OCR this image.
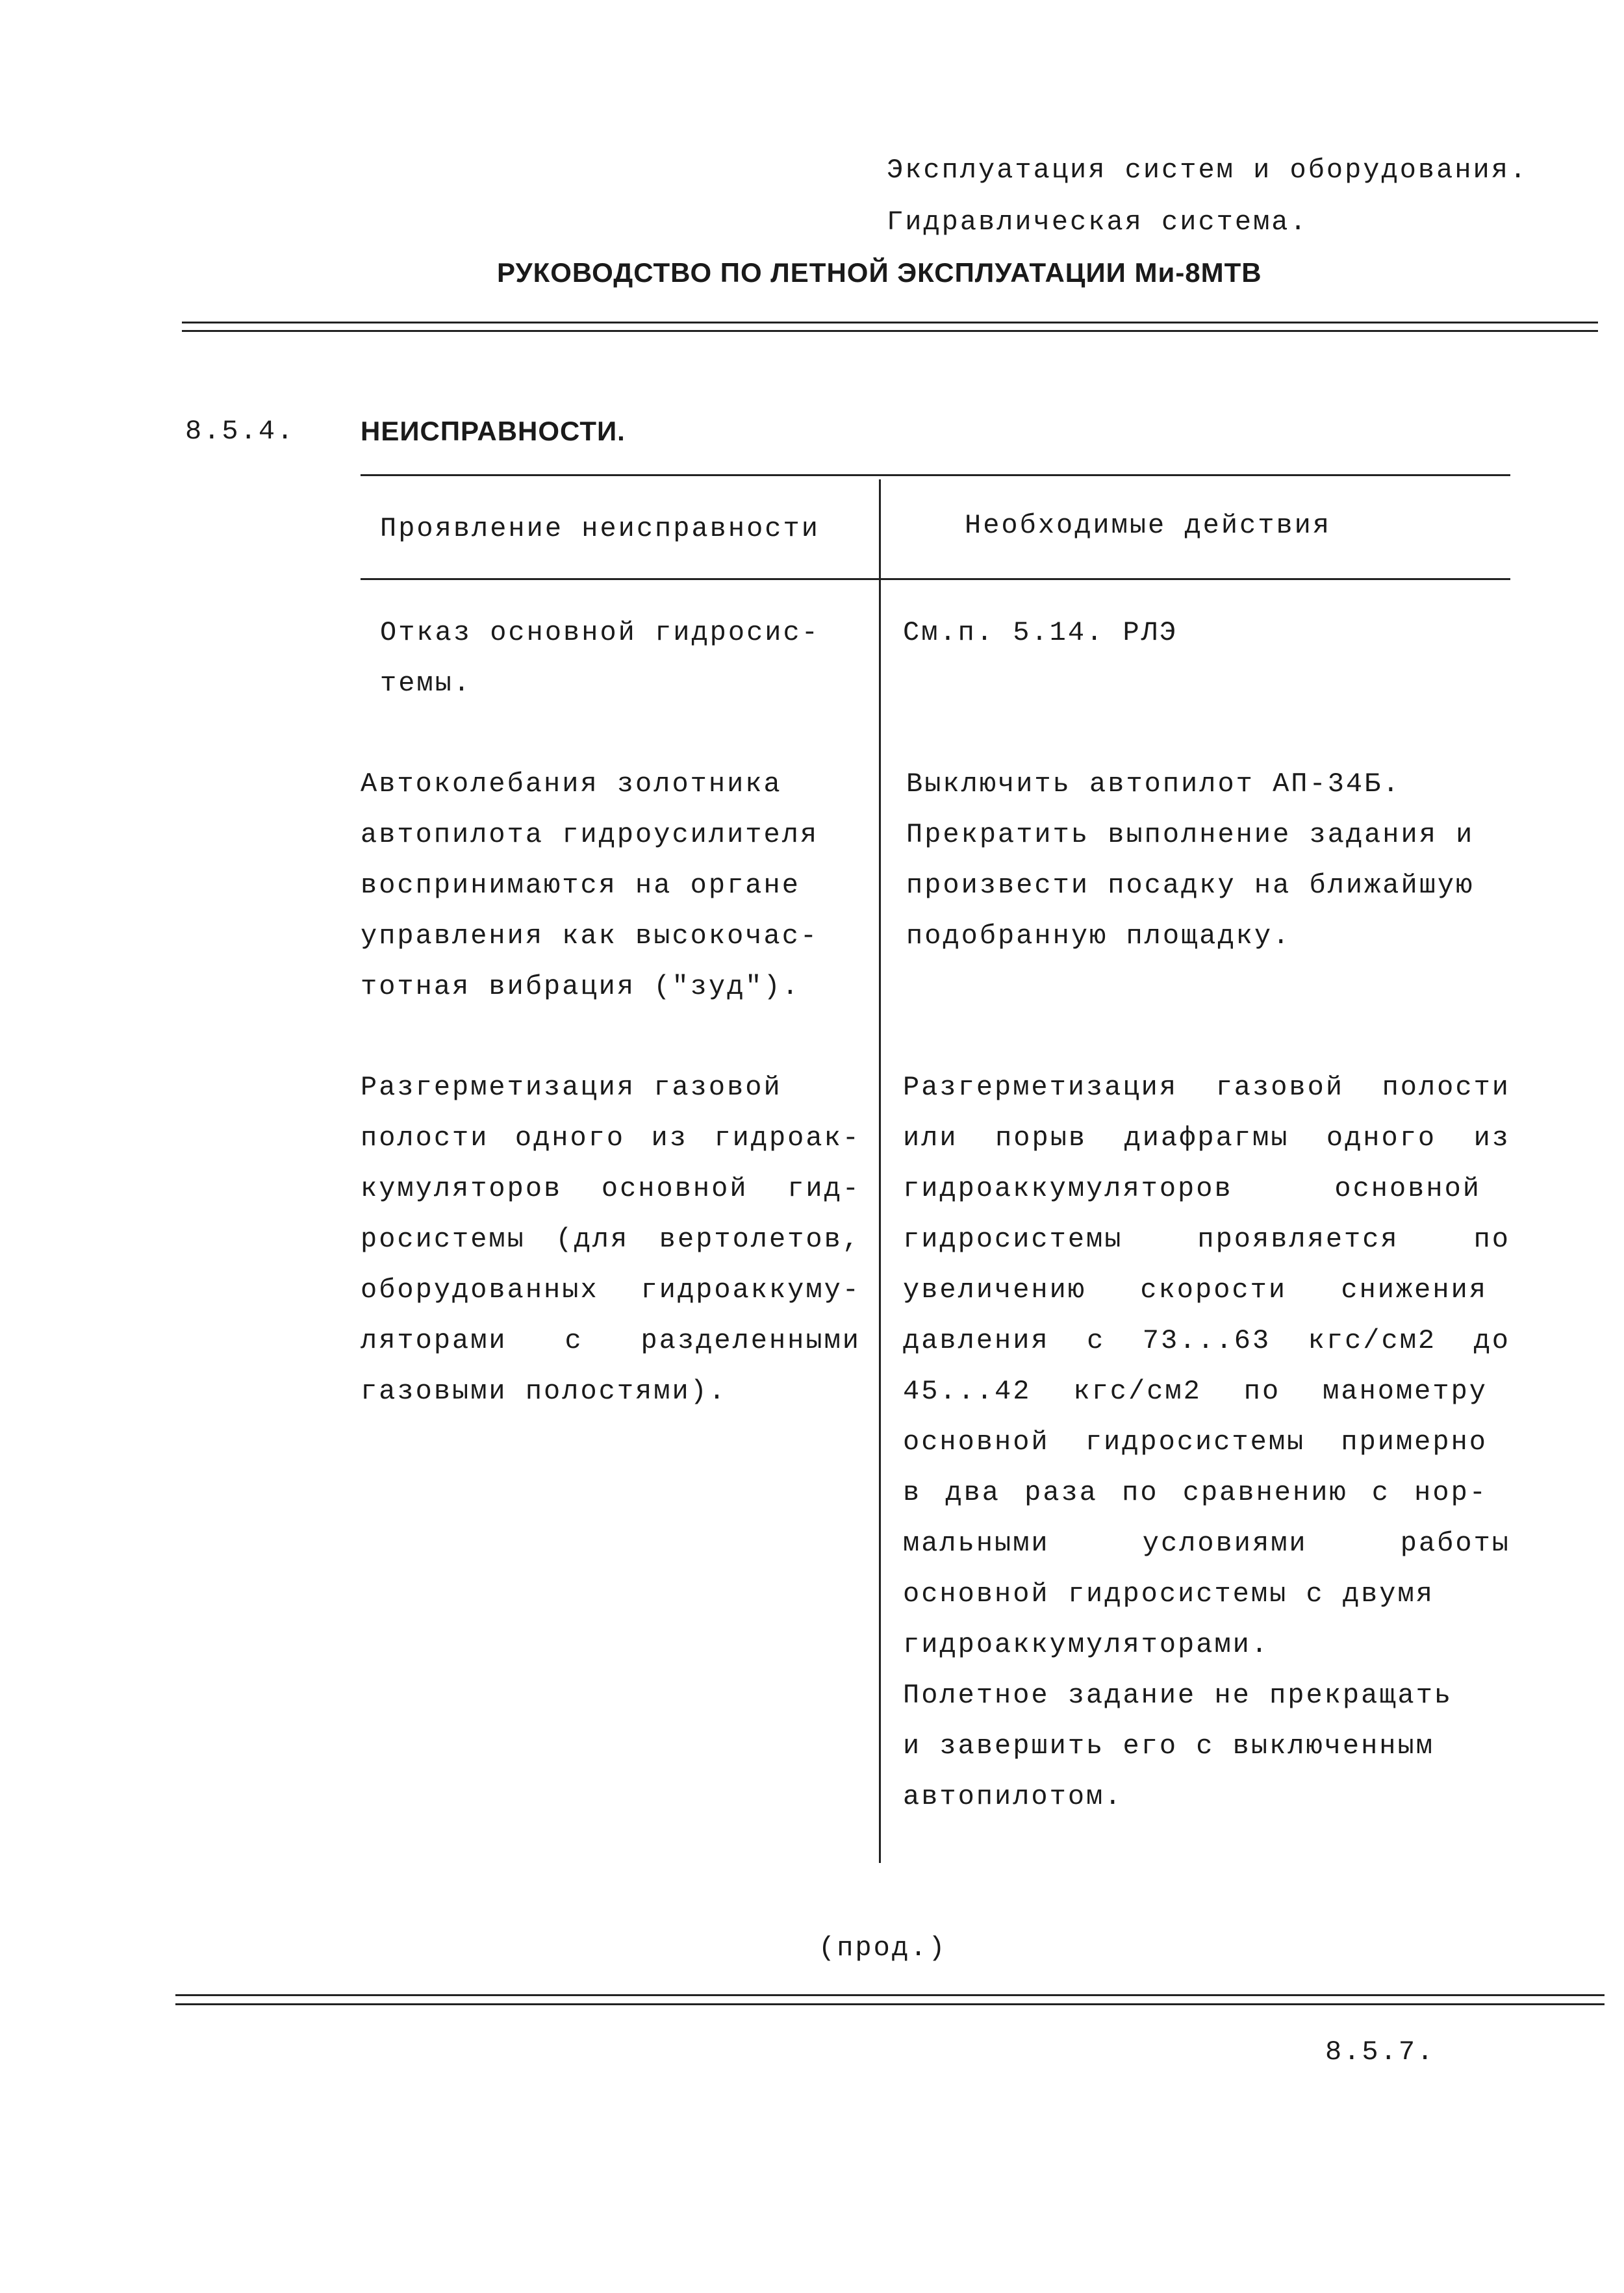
Эксплуатация систем и оборудования.
Гидравлическая система.
РУКОВОДСТВО ПО ЛЕТНОЙ ЭКСПЛУАТАЦИИ Ми-8МТВ
8.5.4. НЕИСПРАВНОСТИ.
Проявление неисправности	Необходимые действия
Отказ основной гидросис-
темы.
См.п. 5.14. РЛЭ
Автоколебания золотника
автопилота гидроусилителя
воспринимаются на органе
управления как высокочас-
тотная вибрация ("зуд").
Выключить автопилот АП-34Б.
Прекратить выполнение задания и
произвести посадку на ближайшую
подобранную площадку.
Разгерметизация газовой
полости одного из гидроак-
кумуляторов основной гид-
росистемы (для вертолетов,
оборудованных гидроаккуму-
ляторами с разделенными
газовыми полостями).
Разгерметизация газовой полости
или порыв диафрагмы одного из
гидроаккумуляторов основной
гидросистемы проявляется по
увеличению скорости снижения
давления с 73...63 кгс/см2 до
45...42 кгс/см2 по манометру
основной гидросистемы примерно
в два раза по сравнению с нор-
мальными условиями работы
основной гидросистемы с двумя
гидроаккумуляторами.
Полетное задание не прекращать
и завершить его с выключенным
автопилотом.
(прод.)
8.5.7.
